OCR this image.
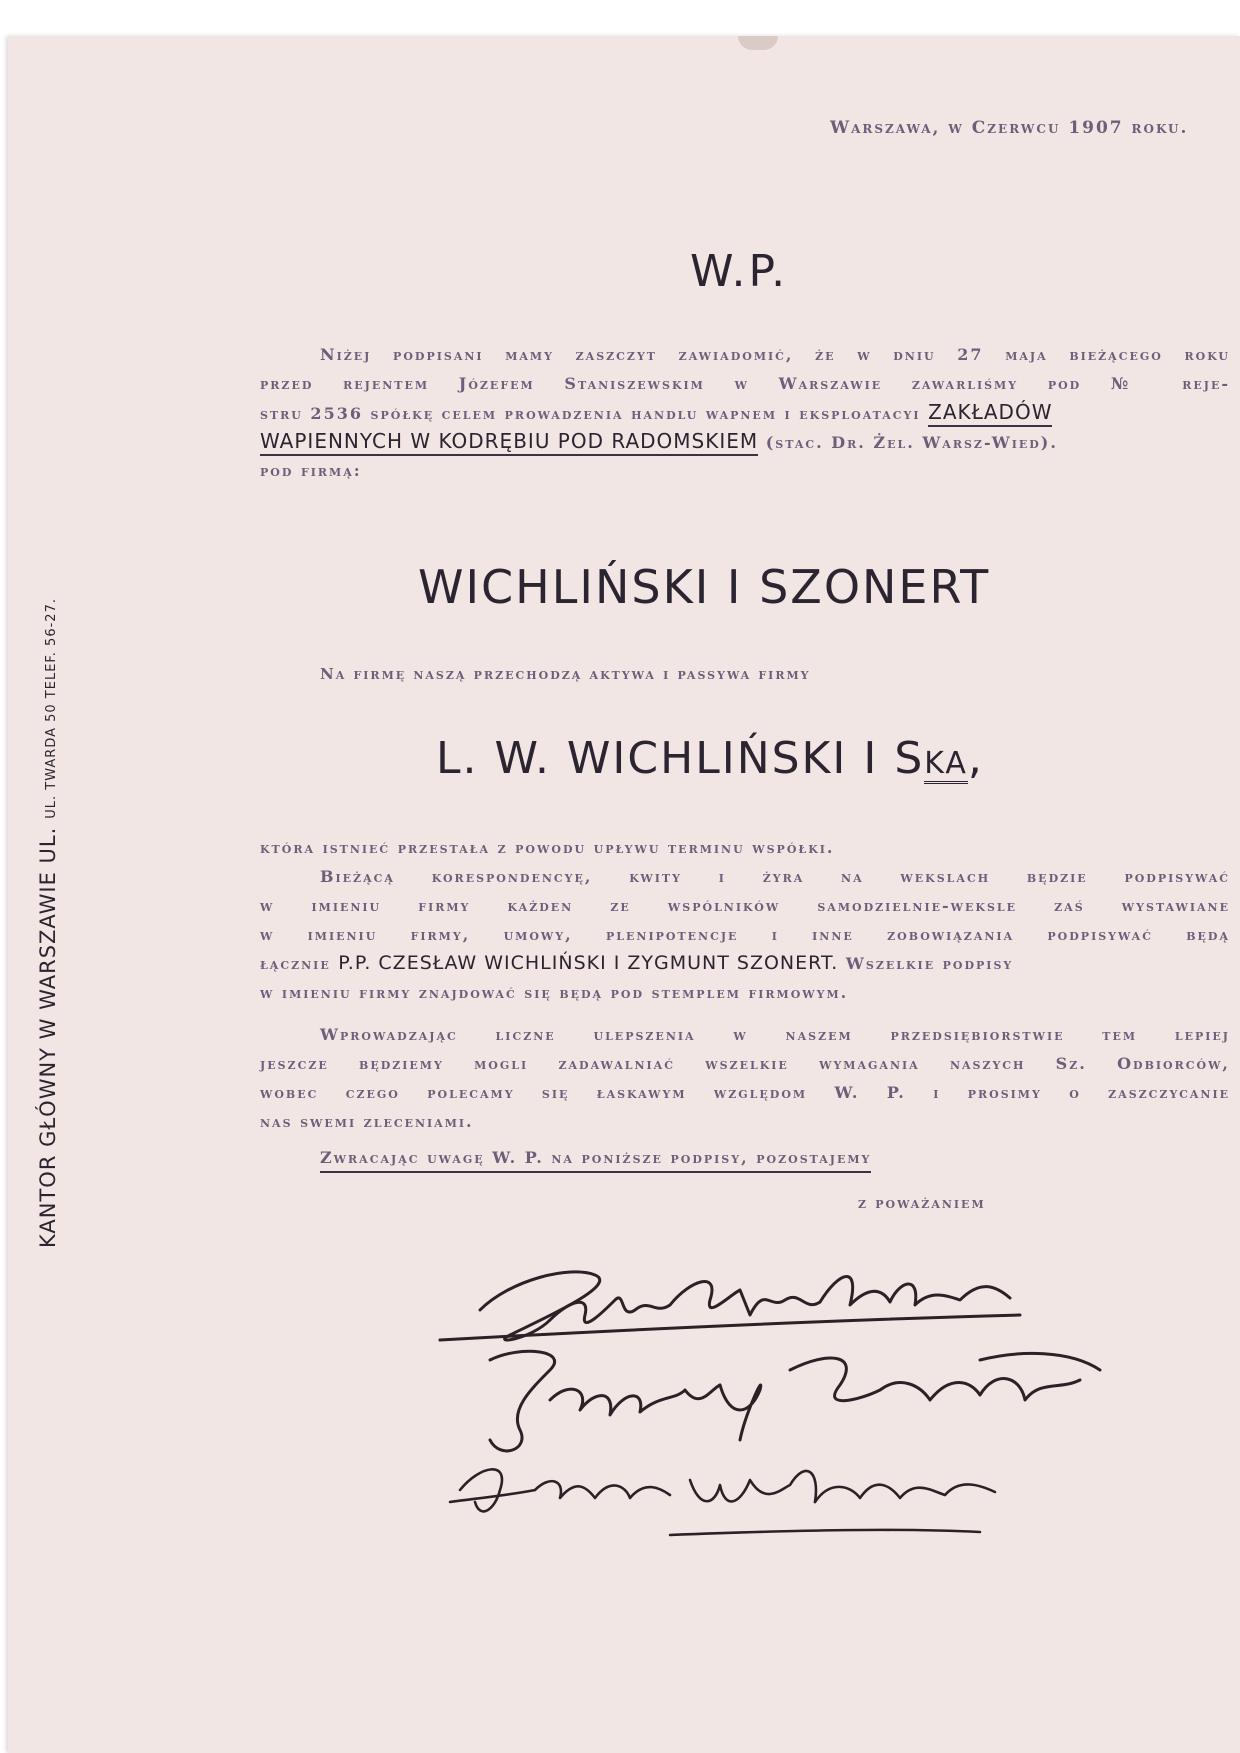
KANTOR GŁÓWNY W WARSZAWIE UL.UL. TWARDA 50 TELEF. 56-27.
Warszawa, w Czerwcu 1907 roku.
W.P.
Niżej podpisani mamy zaszczyt zawiadomić, że w dniu 27 maja bieżącego roku
przed rejentem Józefem Staniszewskim w Warszawie zawarliśmy pod № reje-
stru 2536 spółkę celem prowadzenia handlu wapnem i eksploatacyi ZAKŁADÓW
WAPIENNYCH W KODRĘBIU POD RADOMSKIEM (stac. Dr. Żel. Warsz-Wied).
pod firmą:
WICHLIŃSKI I SZONERT
Na firmę naszą przechodzą aktywa i passywa firmy
L. W. WICHLIŃSKI I SKA,
która istnieć przestała z powodu upływu terminu współki.
Bieżącą korespondencyę, kwity i żyra na wekslach będzie podpisywać
w imieniu firmy każden ze wspólników samodzielnie-weksle zaś wystawiane
w imieniu firmy, umowy, plenipotencje i inne zobowiązania podpisywać będą
łącznie P.P. CZESŁAW WICHLIŃSKI I ZYGMUNT SZONERT. Wszelkie podpisy
w imieniu firmy znajdować się będą pod stemplem firmowym.
Wprowadzając liczne ulepszenia w naszem przedsiębiorstwie tem lepiej
jeszcze będziemy mogli zadawalniać wszelkie wymagania naszych Sz. Odbiorców,
wobec czego polecamy się łaskawym względom W. P. i prosimy o zaszczycanie
nas swemi zleceniami.
Zwracając uwagę W. P. na poniższe podpisy, pozostajemy
z poważaniem
